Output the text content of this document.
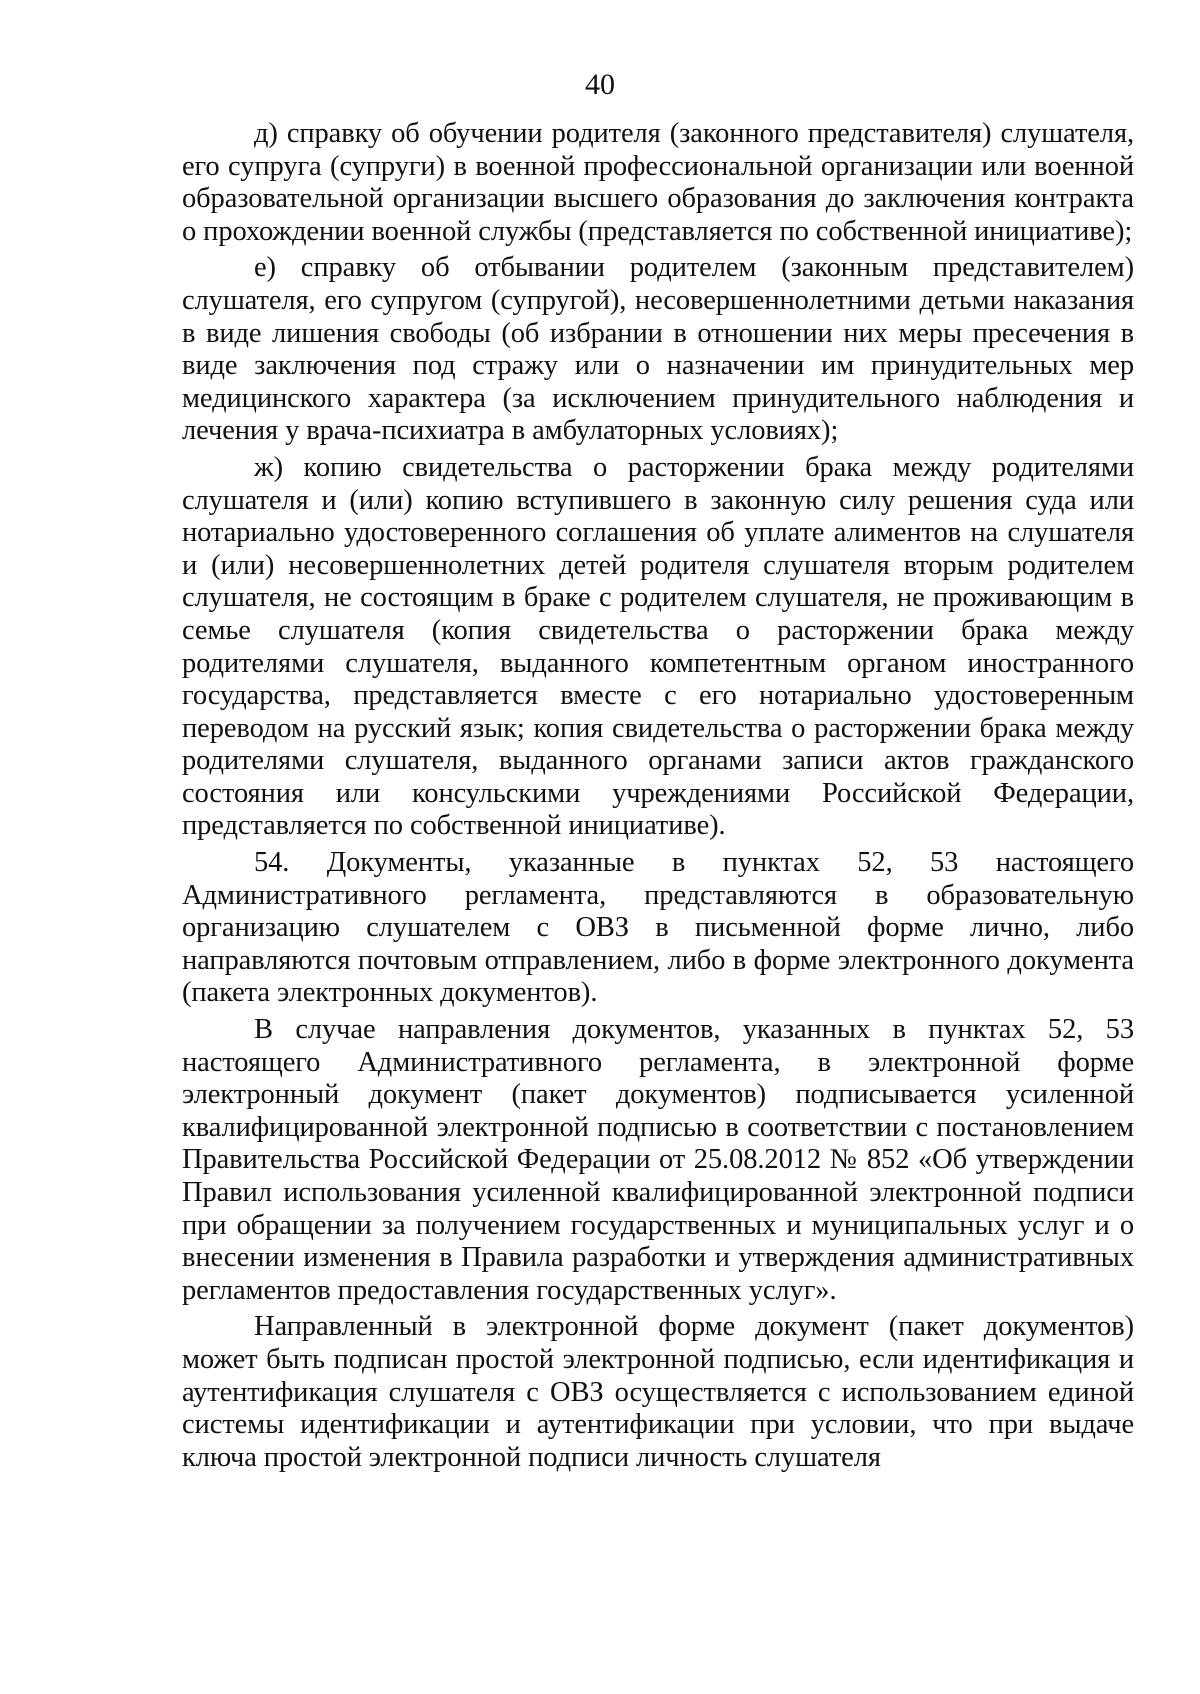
40

д) справку об обучении родителя (законного представителя) слушателя, его супруга (супруги) в военной профессиональной организации или военной образовательной организации высшего образования до заключения контракта о прохождении военной службы (представляется по собственной инициативе);

е) справку об отбывании родителем (законным представителем) слушателя, его супругом (супругой), несовершеннолетними детьми наказания в виде лишения свободы (об избрании в отношении них меры пресечения в виде заключения под стражу или о назначении им принудительных мер медицинского характера (за исключением принудительного наблюдения и лечения у врача-психиатра в амбулаторных условиях);

ж) копию свидетельства о расторжении брака между родителями слушателя и (или) копию вступившего в законную силу решения суда или нотариально удостоверенного соглашения об уплате алиментов на слушателя и (или) несовершеннолетних детей родителя слушателя вторым родителем слушателя, не состоящим в браке с родителем слушателя, не проживающим в семье слушателя (копия свидетельства о расторжении брака между родителями слушателя, выданного компетентным органом иностранного государства, представляется вместе с его нотариально удостоверенным переводом на русский язык; копия свидетельства о расторжении брака между родителями слушателя, выданного органами записи актов гражданского состояния или консульскими учреждениями Российской Федерации, представляется по собственной инициативе).

54. Документы, указанные в пунктах 52, 53 настоящего Административного регламента, представляются в образовательную организацию слушателем с ОВЗ в письменной форме лично, либо направляются почтовым отправлением, либо в форме электронного документа (пакета электронных документов).

В случае направления документов, указанных в пунктах 52, 53 настоящего Административного регламента, в электронной форме электронный документ (пакет документов) подписывается усиленной квалифицированной электронной подписью в соответствии с постановлением Правительства Российской Федерации от 25.08.2012 № 852 «Об утверждении Правил использования усиленной квалифицированной электронной подписи при обращении за получением государственных и муниципальных услуг и о внесении изменения в Правила разработки и утверждения административных регламентов предоставления государственных услуг».

Направленный в электронной форме документ (пакет документов) может быть подписан простой электронной подписью, если идентификация и аутентификация слушателя с ОВЗ осуществляется с использованием единой системы идентификации и аутентификации при условии, что при выдаче ключа простой электронной подписи личность слушателя
